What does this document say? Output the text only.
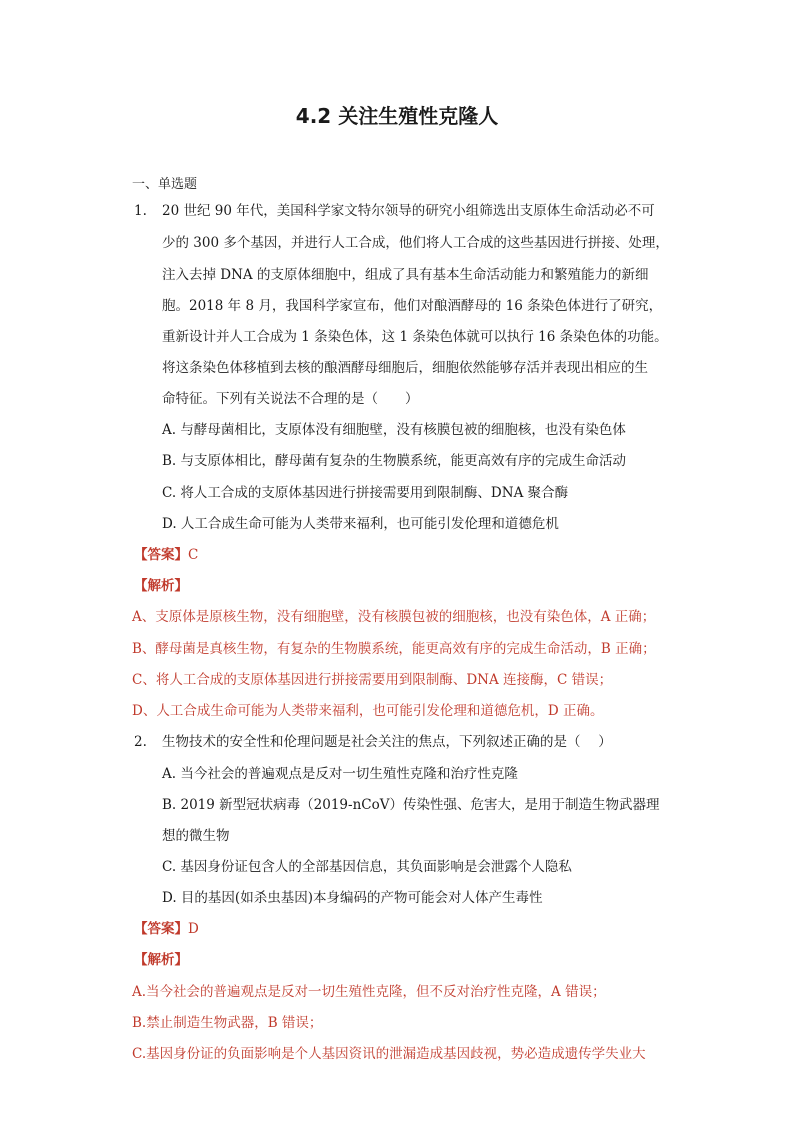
4.2 关注生殖性克隆人
一、单选题
1. 20 世纪 90 年代，美国科学家文特尔领导的研究小组筛选出支原体生命活动必不可
少的 300 多个基因，并进行人工合成，他们将人工合成的这些基因进行拼接、处理，
注入去掉 DNA 的支原体细胞中，组成了具有基本生命活动能力和繁殖能力的新细
胞。2018 年 8 月，我国科学家宣布，他们对酿酒酵母的 16 条染色体进行了研究，
重新设计并人工合成为 1 条染色体，这 1 条染色体就可以执行 16 条染色体的功能。
将这条染色体移植到去核的酿酒酵母细胞后，细胞依然能够存活并表现出相应的生
命特征。下列有关说法不合理的是（　　）
A. 与酵母菌相比，支原体没有细胞壁，没有核膜包被的细胞核，也没有染色体
B. 与支原体相比，酵母菌有复杂的生物膜系统，能更高效有序的完成生命活动
C. 将人工合成的支原体基因进行拼接需要用到限制酶、DNA 聚合酶
D. 人工合成生命可能为人类带来福利，也可能引发伦理和道德危机
【答案】C
【解析】
A、支原体是原核生物，没有细胞壁，没有核膜包被的细胞核，也没有染色体，A 正确；
B、酵母菌是真核生物，有复杂的生物膜系统，能更高效有序的完成生命活动，B 正确；
C、将人工合成的支原体基因进行拼接需要用到限制酶、DNA 连接酶，C 错误；
D、人工合成生命可能为人类带来福利，也可能引发伦理和道德危机，D 正确。
2. 生物技术的安全性和伦理问题是社会关注的焦点，下列叙述正确的是（　 ）
A. 当今社会的普遍观点是反对一切生殖性克隆和治疗性克隆
B. 2019 新型冠状病毒（2019-nCoV）传染性强、危害大，是用于制造生物武器理
想的微生物
C. 基因身份证包含人的全部基因信息，其负面影响是会泄露个人隐私
D. 目的基因(如杀虫基因)本身编码的产物可能会对人体产生毒性
【答案】D
【解析】
A.当今社会的普遍观点是反对一切生殖性克隆，但不反对治疗性克隆，A 错误；
B.禁止制造生物武器，B 错误；
C.基因身份证的负面影响是个人基因资讯的泄漏造成基因歧视，势必造成遗传学失业大
